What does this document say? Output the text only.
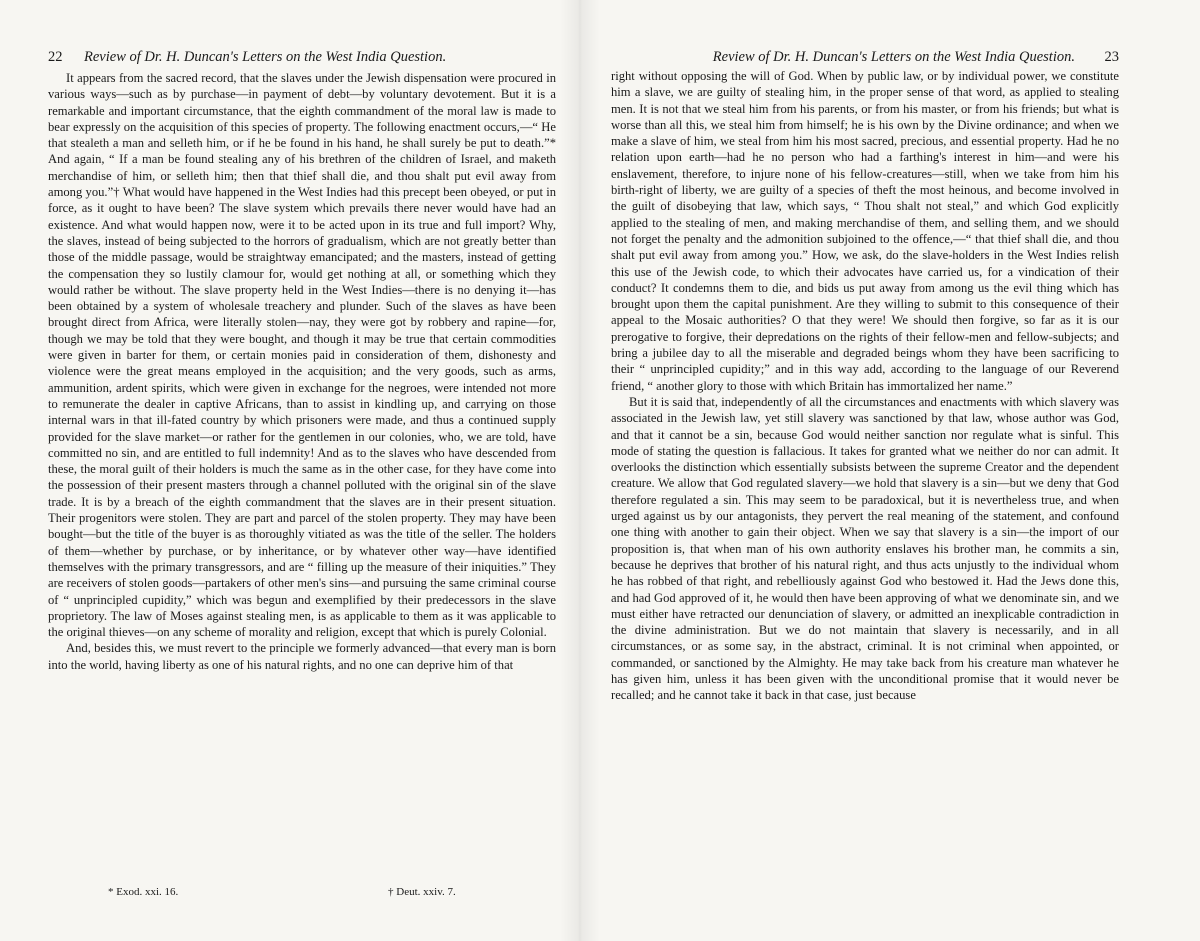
22 Review of Dr. H. Duncan's Letters on the West India Question.

It appears from the sacred record, that the slaves under the Jewish dispensation were procured in various ways—such as by purchase—in payment of debt—by voluntary devotement. But it is a remarkable and important circumstance, that the eighth commandment of the moral law is made to bear expressly on the acquisition of this species of property. The following enactment occurs,—“ He that stealeth a man and selleth him, or if he be found in his hand, he shall surely be put to death.”* And again, “ If a man be found stealing any of his brethren of the children of Israel, and maketh merchandise of him, or selleth him; then that thief shall die, and thou shalt put evil away from among you.”† What would have happened in the West Indies had this precept been obeyed, or put in force, as it ought to have been? The slave system which prevails there never would have had an existence. And what would happen now, were it to be acted upon in its true and full import? Why, the slaves, instead of being subjected to the horrors of gradualism, which are not greatly better than those of the middle passage, would be straightway emancipated; and the masters, instead of getting the compensation they so lustily clamour for, would get nothing at all, or something which they would rather be without. The slave property held in the West Indies—there is no denying it—has been obtained by a system of wholesale treachery and plunder. Such of the slaves as have been brought direct from Africa, were literally stolen—nay, they were got by robbery and rapine—for, though we may be told that they were bought, and though it may be true that certain commodities were given in barter for them, or certain monies paid in consideration of them, dishonesty and violence were the great means employed in the acquisition; and the very goods, such as arms, ammunition, ardent spirits, which were given in exchange for the negroes, were intended not more to remunerate the dealer in captive Africans, than to assist in kindling up, and carrying on those internal wars in that ill-fated country by which prisoners were made, and thus a continued supply provided for the slave market—or rather for the gentlemen in our colonies, who, we are told, have committed no sin, and are entitled to full indemnity! And as to the slaves who have descended from these, the moral guilt of their holders is much the same as in the other case, for they have come into the possession of their present masters through a channel polluted with the original sin of the slave trade. It is by a breach of the eighth commandment that the slaves are in their present situation. Their progenitors were stolen. They are part and parcel of the stolen property. They may have been bought—but the title of the buyer is as thoroughly vitiated as was the title of the seller. The holders of them—whether by purchase, or by inheritance, or by whatever other way—have identified themselves with the primary transgressors, and are “ filling up the measure of their iniquities.” They are receivers of stolen goods—partakers of other men's sins—and pursuing the same criminal course of “ unprincipled cupidity,” which was begun and exemplified by their predecessors in the slave proprietory. The law of Moses against stealing men, is as applicable to them as it was applicable to the original thieves—on any scheme of morality and religion, except that which is purely Colonial.

And, besides this, we must revert to the principle we formerly advanced—that every man is born into the world, having liberty as one of his natural rights, and no one can deprive him of that

* Exod. xxi. 16.	† Deut. xxiv. 7.
Review of Dr. H. Duncan's Letters on the West India Question. 23

right without opposing the will of God. When by public law, or by individual power, we constitute him a slave, we are guilty of stealing him, in the proper sense of that word, as applied to stealing men. It is not that we steal him from his parents, or from his master, or from his friends; but what is worse than all this, we steal him from himself; he is his own by the Divine ordinance; and when we make a slave of him, we steal from him his most sacred, precious, and essential property. Had he no relation upon earth—had he no person who had a farthing's interest in him—and were his enslavement, therefore, to injure none of his fellow-creatures—still, when we take from him his birth-right of liberty, we are guilty of a species of theft the most heinous, and become involved in the guilt of disobeying that law, which says, “ Thou shalt not steal,” and which God explicitly applied to the stealing of men, and making merchandise of them, and selling them, and we should not forget the penalty and the admonition subjoined to the offence,—“ that thief shall die, and thou shalt put evil away from among you.” How, we ask, do the slave-holders in the West Indies relish this use of the Jewish code, to which their advocates have carried us, for a vindication of their conduct? It condemns them to die, and bids us put away from among us the evil thing which has brought upon them the capital punishment. Are they willing to submit to this consequence of their appeal to the Mosaic authorities? O that they were! We should then forgive, so far as it is our prerogative to forgive, their depredations on the rights of their fellow-men and fellow-subjects; and bring a jubilee day to all the miserable and degraded beings whom they have been sacrificing to their “ unprincipled cupidity;” and in this way add, according to the language of our Reverend friend, “ another glory to those with which Britain has immortalized her name.”

But it is said that, independently of all the circumstances and enactments with which slavery was associated in the Jewish law, yet still slavery was sanctioned by that law, whose author was God, and that it cannot be a sin, because God would neither sanction nor regulate what is sinful. This mode of stating the question is fallacious. It takes for granted what we neither do nor can admit. It overlooks the distinction which essentially subsists between the supreme Creator and the dependent creature. We allow that God regulated slavery—we hold that slavery is a sin—but we deny that God therefore regulated a sin. This may seem to be paradoxical, but it is nevertheless true, and when urged against us by our antagonists, they pervert the real meaning of the statement, and confound one thing with another to gain their object. When we say that slavery is a sin—the import of our proposition is, that when man of his own authority enslaves his brother man, he commits a sin, because he deprives that brother of his natural right, and thus acts unjustly to the individual whom he has robbed of that right, and rebelliously against God who bestowed it. Had the Jews done this, and had God approved of it, he would then have been approving of what we denominate sin, and we must either have retracted our denunciation of slavery, or admitted an inexplicable contradiction in the divine administration. But we do not maintain that slavery is necessarily, and in all circumstances, or as some say, in the abstract, criminal. It is not criminal when appointed, or commanded, or sanctioned by the Almighty. He may take back from his creature man whatever he has given him, unless it has been given with the unconditional promise that it would never be recalled; and he cannot take it back in that case, just because
